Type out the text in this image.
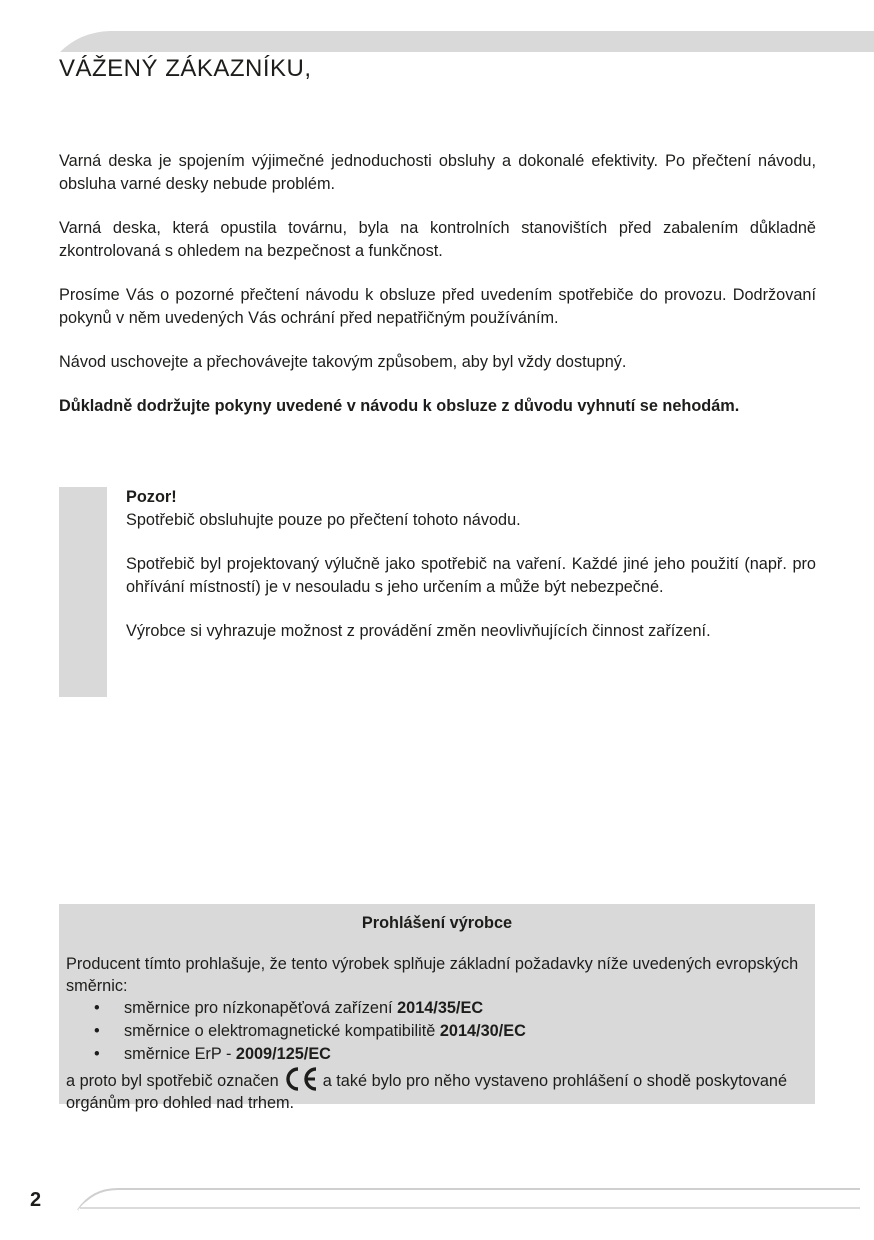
VÁŽENÝ ZÁKAZNÍKU,

Varná deska je spojením výjimečné jednoduchosti obsluhy a dokonalé efektivity. Po přečtení návodu, obsluha varné desky nebude problém.

Varná deska, která opustila továrnu, byla na kontrolních stanovištích před zabalením důkladně zkontrolovaná s ohledem na bezpečnost a funkčnost.

Prosíme Vás o pozorné přečtení návodu k obsluze před uvedením spotřebiče do provozu. Dodržovaní pokynů v něm uvedených Vás ochrání před nepatřičným používáním.

Návod uschovejte a přechovávejte takovým způsobem, aby byl vždy dostupný.

Důkladně dodržujte pokyny uvedené v návodu k obsluze z důvodu vyhnutí se nehodám.

Pozor!

Spotřebič obsluhujte pouze po přečtení tohoto návodu.

Spotřebič byl projektovaný výlučně jako spotřebič na vaření. Každé jiné jeho použití (např. pro ohřívání místností) je v nesouladu s jeho určením a může být nebezpečné.

Výrobce si vyhrazuje možnost z provádění změn neovlivňujících činnost zařízení.

Prohlášení výrobce

Producent tímto prohlašuje, že tento výrobek splňuje základní požadavky níže uvedených evropských směrnic:

• směrnice pro nízkonapěťová zařízení 2014/35/EC
• směrnice o elektromagnetické kompatibilitě 2014/30/EC
• směrnice ErP - 2009/125/EC

a proto byl spotřebič označen	a také bylo pro něho vystaveno prohlášení o shodě poskytované orgánům pro dohled nad trhem.

2
